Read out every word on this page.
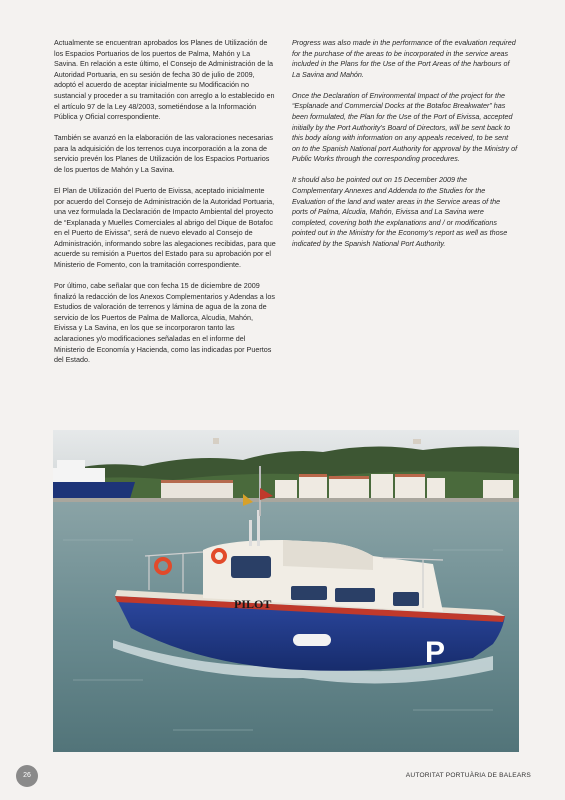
Actualmente se encuentran aprobados los Planes de Utilización de los Espacios Portuarios de los puertos de Palma, Mahón y La Savina. En relación a este último, el Consejo de Administración de la Autoridad Portuaria, en su sesión de fecha 30 de julio de 2009, adoptó el acuerdo de aceptar inicialmente su Modificación no sustancial y proceder a su tramitación con arreglo a lo establecido en el artículo 97 de la Ley 48/2003, sometiéndose a la Información Pública y Oficial correspondiente.

También se avanzó en la elaboración de las valoraciones necesarias para la adquisición de los terrenos cuya incorporación a la zona de servicio prevén los Planes de Utilización de los Espacios Portuarios de los puertos de Mahón y La Savina.

El Plan de Utilización del Puerto de Eivissa, aceptado inicialmente por acuerdo del Consejo de Administración de la Autoridad Portuaria, una vez formulada la Declaración de Impacto Ambiental del proyecto de “Explanada y Muelles Comerciales al abrigo del Dique de Botafoc en el Puerto de Eivissa”, será de nuevo elevado al Consejo de Administración, informando sobre las alegaciones recibidas, para que acuerde su remisión a Puertos del Estado para su aprobación por el Ministerio de Fomento, con la tramitación correspondiente.

Por último, cabe señalar que con fecha 15 de diciembre de 2009 finalizó la redacción de los Anexos Complementarios y Adendas a los Estudios de valoración de terrenos y lámina de agua de la zona de servicio de los Puertos de Palma de Mallorca, Alcudia, Mahón, Eivissa y La Savina, en los que se incorporaron tanto las aclaraciones y/o modificaciones señaladas en el informe del Ministerio de Economía y Hacienda, como las indicadas por Puertos del Estado.

Progress was also made in the performance of the evaluation required for the purchase of the areas to be incorporated in the service areas included in the Plans for the Use of the Port Areas of the harbours of La Savina and Mahón.

Once the Declaration of Environmental Impact of the project for the “Esplanade and Commercial Docks at the Botafoc Breakwater” has been formulated, the Plan for the Use of the Port of Eivissa, accepted initially by the Port Authority’s Board of Directors, will be sent back to this body along with information on any appeals received, to be sent on to the Spanish National port Authority for approval by the Ministry of Public Works through the corresponding procedures.

It should also be pointed out on 15 December 2009 the Complementary Annexes and Addenda to the Studies for the Evaluation of the land and water areas in the Service areas of the ports of Palma, Alcudia, Mahón, Eivissa and La Savina were completed, covering both the explanations and / or modifications pointed out in the Ministry for the Economy’s report as well as those indicated by the Spanish National Port Authority.

PILOT
P
26	AUTORITAT PORTUÀRIA DE BALEARS
